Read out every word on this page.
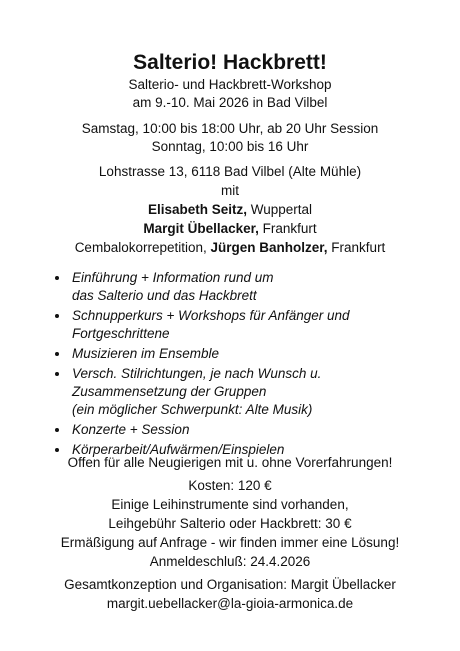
Salterio! Hackbrett!
Salterio- und Hackbrett-Workshop
am 9.-10. Mai 2026 in Bad Vilbel
Samstag, 10:00 bis 18:00 Uhr, ab 20 Uhr Session
Sonntag, 10:00 bis 16 Uhr
Lohstrasse 13, 6118 Bad Vilbel (Alte Mühle)
mit
Elisabeth Seitz, Wuppertal
Margit Übellacker, Frankfurt
Cembalokorrepetition, Jürgen Banholzer, Frankfurt
• Einführung + Information rund um
das Salterio und das Hackbrett
• Schnupperkurs + Workshops für Anfänger und
Fortgeschrittene
• Musizieren im Ensemble
• Versch. Stilrichtungen, je nach Wunsch u.
Zusammensetzung der Gruppen
(ein möglicher Schwerpunkt: Alte Musik)
• Konzerte + Session
• Körperarbeit/Aufwärmen/Einspielen
Offen für alle Neugierigen mit u. ohne Vorerfahrungen!
Kosten: 120 €
Einige Leihinstrumente sind vorhanden,
Leihgebühr Salterio oder Hackbrett: 30 €
Ermäßigung auf Anfrage - wir finden immer eine Lösung!
Anmeldeschluß: 24.4.2026
Gesamtkonzeption und Organisation: Margit Übellacker
margit.uebellacker@la-gioia-armonica.de
